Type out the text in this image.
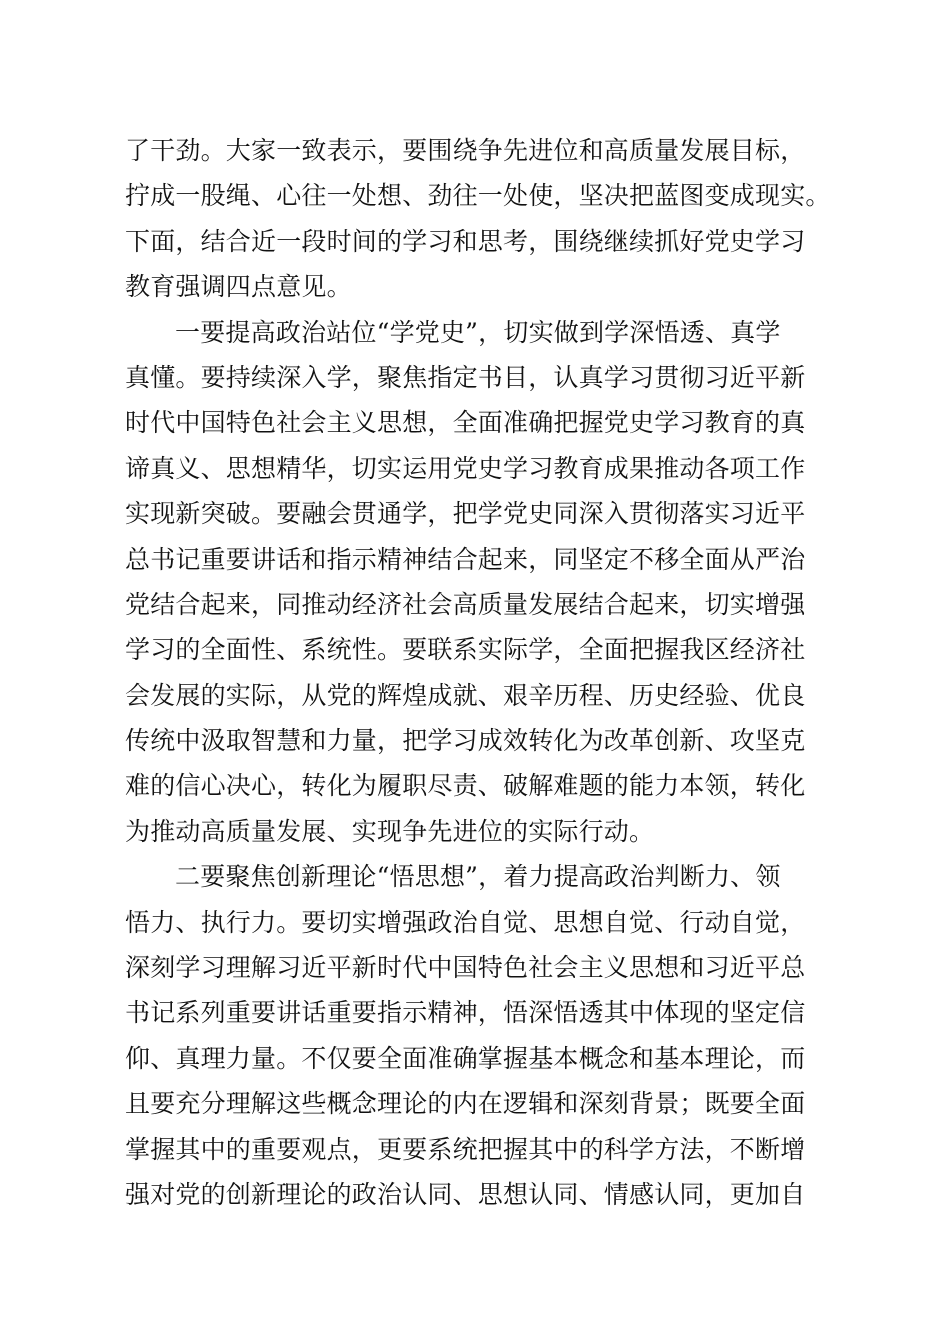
了干劲。大家一致表示，要围绕争先进位和高质量发展目标，
拧成一股绳、心往一处想、劲往一处使，坚决把蓝图变成现实。
下面，结合近一段时间的学习和思考，围绕继续抓好党史学习
教育强调四点意见。
一要提高政治站位“学党史”，切实做到学深悟透、真学
真懂。要持续深入学，聚焦指定书目，认真学习贯彻习近平新
时代中国特色社会主义思想，全面准确把握党史学习教育的真
谛真义、思想精华，切实运用党史学习教育成果推动各项工作
实现新突破。要融会贯通学，把学党史同深入贯彻落实习近平
总书记重要讲话和指示精神结合起来，同坚定不移全面从严治
党结合起来，同推动经济社会高质量发展结合起来，切实增强
学习的全面性、系统性。要联系实际学，全面把握我区经济社
会发展的实际，从党的辉煌成就、艰辛历程、历史经验、优良
传统中汲取智慧和力量，把学习成效转化为改革创新、攻坚克
难的信心决心，转化为履职尽责、破解难题的能力本领，转化
为推动高质量发展、实现争先进位的实际行动。
二要聚焦创新理论“悟思想”，着力提高政治判断力、领
悟力、执行力。要切实增强政治自觉、思想自觉、行动自觉，
深刻学习理解习近平新时代中国特色社会主义思想和习近平总
书记系列重要讲话重要指示精神，悟深悟透其中体现的坚定信
仰、真理力量。不仅要全面准确掌握基本概念和基本理论，而
且要充分理解这些概念理论的内在逻辑和深刻背景；既要全面
掌握其中的重要观点，更要系统把握其中的科学方法，不断增
强对党的创新理论的政治认同、思想认同、情感认同，更加自
